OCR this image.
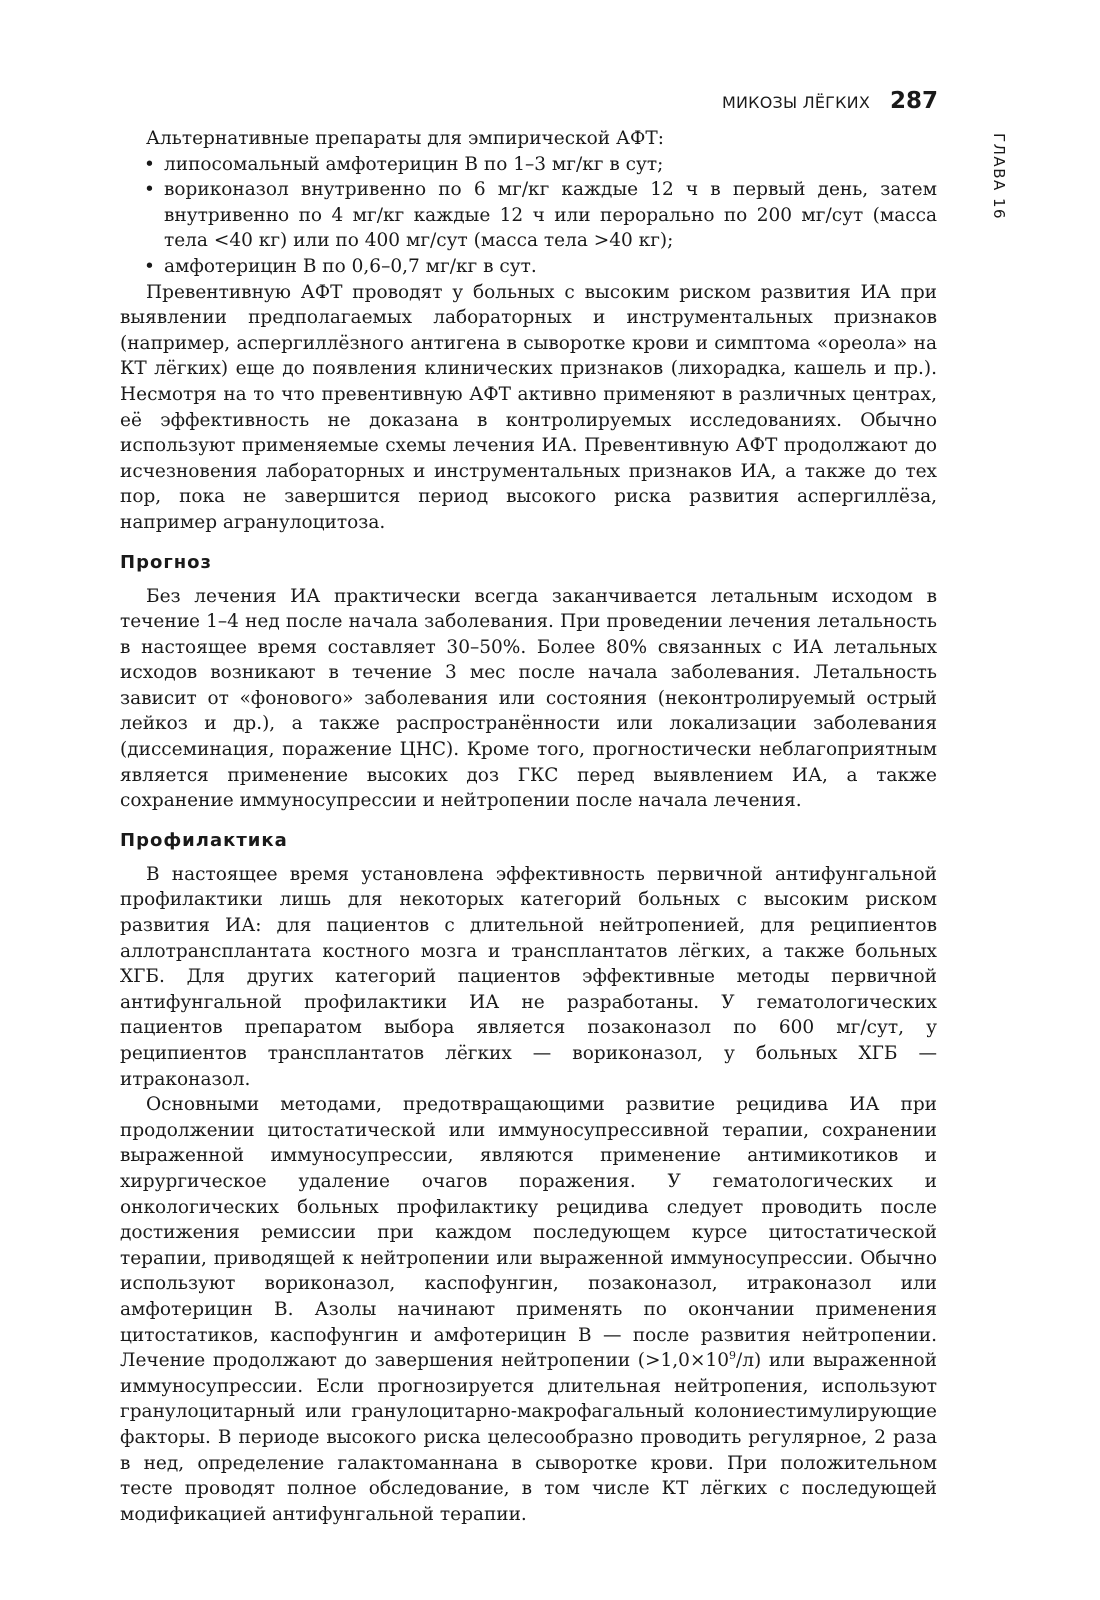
МИКОЗЫ ЛЁГКИХ 287
ГЛАВА 16

Альтернативные препараты для эмпирической АФТ:

• липосомальный амфотерицин В по 1–3 мг/кг в сут;
• вориконазол внутривенно по 6 мг/кг каждые 12 ч в первый день, затем внутривенно по 4 мг/кг каждые 12 ч или перорально по 200 мг/сут (масса тела <40 кг) или по 400 мг/сут (масса тела >40 кг);
• амфотерицин В по 0,6–0,7 мг/кг в сут.

Превентивную АФТ проводят у больных с высоким риском развития ИА при выявлении предполагаемых лабораторных и инструментальных признаков (например, аспергиллёзного антигена в сыворотке крови и симптома «ореола» на КТ лёгких) еще до появления клинических признаков (лихорадка, кашель и пр.). Несмотря на то что превентивную АФТ активно применяют в различных центрах, её эффективность не доказана в контролируемых исследованиях. Обычно используют применяемые схемы лечения ИА. Превентивную АФТ продолжают до исчезновения лабораторных и инструментальных признаков ИА, а также до тех пор, пока не завершится период высокого риска развития аспергиллёза, например агранулоцитоза.

Прогноз

Без лечения ИА практически всегда заканчивается летальным исходом в течение 1–4 нед после начала заболевания. При проведении лечения летальность в настоящее время составляет 30–50%. Более 80% связанных с ИА летальных исходов возникают в течение 3 мес после начала заболевания. Летальность зависит от «фонового» заболевания или состояния (неконтролируемый острый лейкоз и др.), а также распространённости или локализации заболевания (диссеминация, поражение ЦНС). Кроме того, прогностически неблагоприятным является применение высоких доз ГКС перед выявлением ИА, а также сохранение иммуносупрессии и нейтропении после начала лечения.

Профилактика

В настоящее время установлена эффективность первичной антифунгальной профилактики лишь для некоторых категорий больных с высоким риском развития ИА: для пациентов с длительной нейтропенией, для реципиентов аллотрансплантата костного мозга и трансплантатов лёгких, а также больных ХГБ. Для других категорий пациентов эффективные методы первичной антифунгальной профилактики ИА не разработаны. У гематологических пациентов препаратом выбора является позаконазол по 600 мг/сут, у реципиентов трансплантатов лёгких — вориконазол, у больных ХГБ — итраконазол.

Основными методами, предотвращающими развитие рецидива ИА при продолжении цитостатической или иммуносупрессивной терапии, сохранении выраженной иммуносупрессии, являются применение антимикотиков и хирургическое удаление очагов поражения. У гематологических и онкологических больных профилактику рецидива следует проводить после достижения ремиссии при каждом последующем курсе цитостатической терапии, приводящей к нейтропении или выраженной иммуносупрессии. Обычно используют вориконазол, каспофунгин, позаконазол, итраконазол или амфотерицин В. Азолы начинают применять по окончании применения цитостатиков, каспофунгин и амфотерицин В — после развития нейтропении. Лечение продолжают до завершения нейтропении $(>1,0\times 10^9/л)$ или выраженной иммуносупрессии. Если прогнозируется длительная нейтропения, используют гранулоцитарный или гранулоцитарно-макрофагальный колониестимулирующие факторы. В периоде высокого риска целесообразно проводить регулярное, 2 раза в нед, определение галактоманнана в сыворотке крови. При положительном тесте проводят полное обследование, в том числе КТ лёгких с последующей модификацией антифунгальной терапии.
